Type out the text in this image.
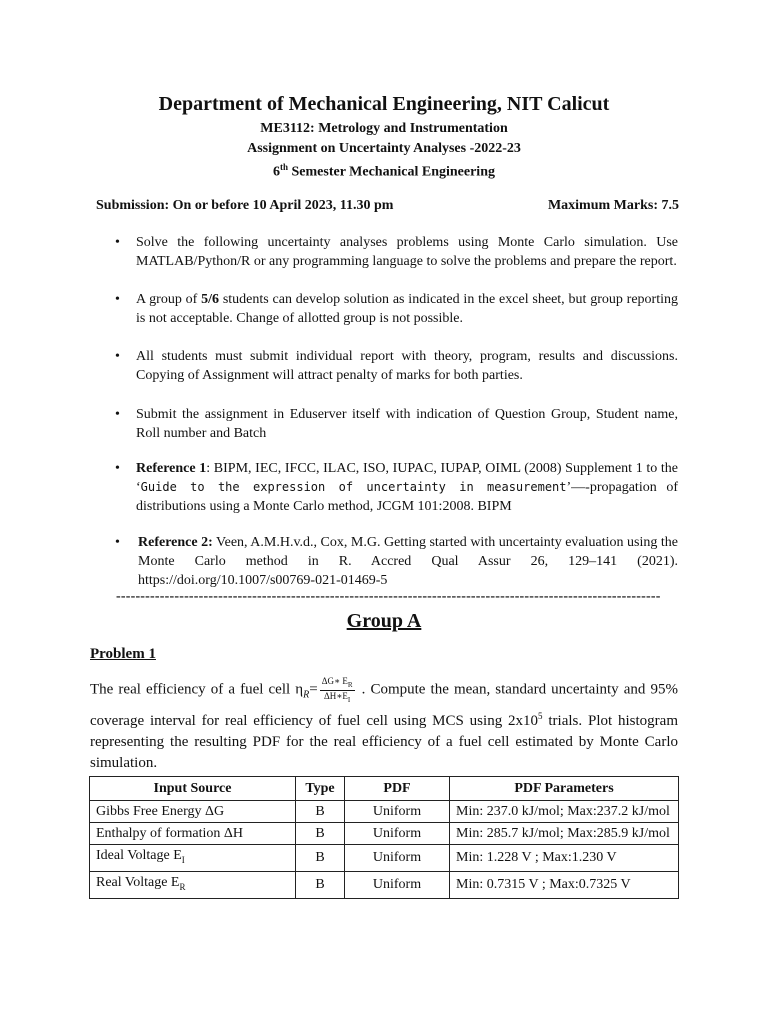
Department of Mechanical Engineering, NIT Calicut
ME3112: Metrology and Instrumentation
Assignment on Uncertainty Analyses -2022-23
6th Semester Mechanical Engineering
Submission: On or before 10 April 2023, 11.30 pm	Maximum Marks: 7.5
• Solve the following uncertainty analyses problems using Monte Carlo simulation. Use MATLAB/Python/R or any programming language to solve the problems and prepare the report.
• A group of 5/6 students can develop solution as indicated in the excel sheet, but group reporting is not acceptable. Change of allotted group is not possible.
• All students must submit individual report with theory, program, results and discussions. Copying of Assignment will attract penalty of marks for both parties.
• Submit the assignment in Eduserver itself with indication of Question Group, Student name, Roll number and Batch
• Reference 1: BIPM, IEC, IFCC, ILAC, ISO, IUPAC, IUPAP, OIML (2008) Supplement 1 to the ‘Guide to the expression of uncertainty in measurement’—-propagation of distributions using a Monte Carlo method, JCGM 101:2008. BIPM
• Reference 2: Veen, A.M.H.v.d., Cox, M.G. Getting started with uncertainty evaluation using the Monte Carlo method in R. Accred Qual Assur 26, 129–141 (2021). https://doi.org/10.1007/s00769-021-01469-5
----------------------------------------------------------------------------------------------------------------
Group A
Problem 1
The real efficiency of a fuel cell $\eta_R= \frac{\Delta G∗ E_R}{\Delta H∗E_I}$ . Compute the mean, standard uncertainty and 95% coverage interval for real efficiency of fuel cell using MCS using $2x10^5$ trials. Plot histogram representing the resulting PDF for the real efficiency of a fuel cell estimated by Monte Carlo simulation.
Input Source	Type	PDF	PDF Parameters
Gibbs Free Energy ΔG	B	Uniform	Min: 237.0 kJ/mol; Max:237.2 kJ/mol
Enthalpy of formation ΔH	B	Uniform	Min: 285.7 kJ/mol; Max:285.9 kJ/mol
Ideal Voltage $E_I$	B	Uniform	Min: 1.228 V ; Max:1.230 V
Real Voltage $E_R$	B	Uniform	Min: 0.7315 V ; Max:0.7325 V
